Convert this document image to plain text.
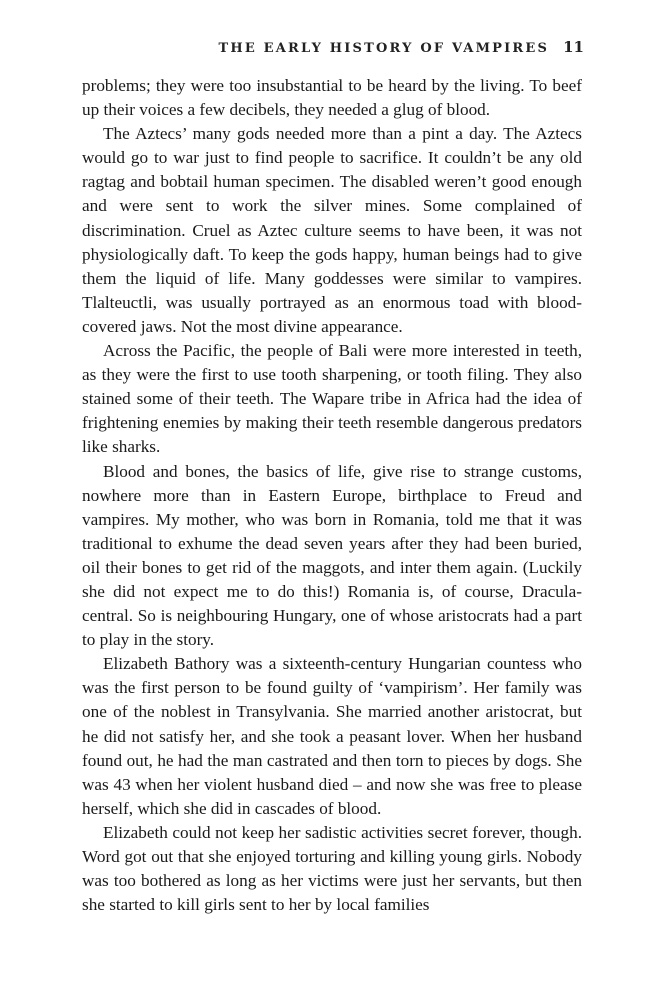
THE EARLY HISTORY OF VAMPIRES 11

problems; they were too insubstantial to be heard by the living. To beef up their voices a few decibels, they needed a glug of blood.

The Aztecs’ many gods needed more than a pint a day. The Aztecs would go to war just to find people to sacrifice. It couldn’t be any old ragtag and bobtail human specimen. The disabled weren’t good enough and were sent to work the silver mines. Some complained of discrimination. Cruel as Aztec culture seems to have been, it was not physiologically daft. To keep the gods happy, human beings had to give them the liquid of life. Many goddesses were similar to vampires. Tlalteuctli, was usually portrayed as an enormous toad with blood-covered jaws. Not the most divine appearance.

Across the Pacific, the people of Bali were more interested in teeth, as they were the first to use tooth sharpening, or tooth filing. They also stained some of their teeth. The Wapare tribe in Africa had the idea of frightening enemies by making their teeth resemble dangerous predators like sharks.

Blood and bones, the basics of life, give rise to strange customs, nowhere more than in Eastern Europe, birthplace to Freud and vampires. My mother, who was born in Romania, told me that it was traditional to exhume the dead seven years after they had been buried, oil their bones to get rid of the maggots, and inter them again. (Luckily she did not expect me to do this!) Romania is, of course, Dracula-central. So is neighbouring Hungary, one of whose aristocrats had a part to play in the story.

Elizabeth Bathory was a sixteenth-century Hungarian countess who was the first person to be found guilty of ‘vampirism’. Her family was one of the noblest in Transylvania. She married another aristocrat, but he did not satisfy her, and she took a peasant lover. When her husband found out, he had the man castrated and then torn to pieces by dogs. She was 43 when her violent husband died – and now she was free to please herself, which she did in cascades of blood.

Elizabeth could not keep her sadistic activities secret forever, though. Word got out that she enjoyed torturing and killing young girls. Nobody was too bothered as long as her victims were just her servants, but then she started to kill girls sent to her by local families
